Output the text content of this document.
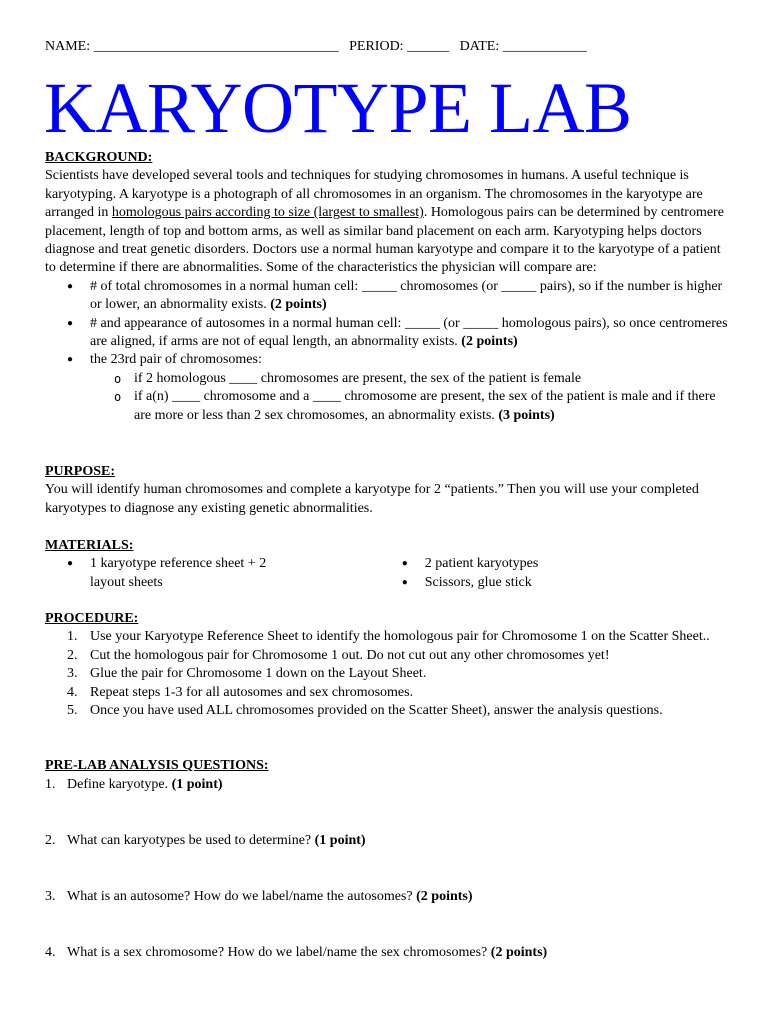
NAME: ___________________________________ PERIOD: ______ DATE: ____________
KARYOTYPE LAB
BACKGROUND:

Scientists have developed several tools and techniques for studying chromosomes in humans. A useful technique is karyotyping. A karyotype is a photograph of all chromosomes in an organism. The chromosomes in the karyotype are arranged in homologous pairs according to size (largest to smallest). Homologous pairs can be determined by centromere placement, length of top and bottom arms, as well as similar band placement on each arm. Karyotyping helps doctors diagnose and treat genetic disorders. Doctors use a normal human karyotype and compare it to the karyotype of a patient to determine if there are abnormalities. Some of the characteristics the physician will compare are:

● # of total chromosomes in a normal human cell: _____ chromosomes (or _____ pairs), so if the number is higher or lower, an abnormality exists. (2 points)
● # and appearance of autosomes in a normal human cell: _____ (or _____ homologous pairs), so once centromeres are aligned, if arms are not of equal length, an abnormality exists. (2 points)
● the 23rd pair of chromosomes:
o if 2 homologous ____ chromosomes are present, the sex of the patient is female
o if a(n) ____ chromosome and a ____ chromosome are present, the sex of the patient is male and if there are more or less than 2 sex chromosomes, an abnormality exists. (3 points)
PURPOSE:

You will identify human chromosomes and complete a karyotype for 2 “patients.” Then you will use your completed karyotypes to diagnose any existing genetic abnormalities.

MATERIALS:
● 1 karyotype reference sheet + 2 layout sheets
● 2 patient karyotypes
● Scissors, glue stick
PROCEDURE:
1. Use your Karyotype Reference Sheet to identify the homologous pair for Chromosome 1 on the Scatter Sheet..
2. Cut the homologous pair for Chromosome 1 out. Do not cut out any other chromosomes yet!
3. Glue the pair for Chromosome 1 down on the Layout Sheet.
4. Repeat steps 1-3 for all autosomes and sex chromosomes.
5. Once you have used ALL chromosomes provided on the Scatter Sheet), answer the analysis questions.
PRE-LAB ANALYSIS QUESTIONS:
1. Define karyotype. (1 point)
2. What can karyotypes be used to determine? (1 point)
3. What is an autosome? How do we label/name the autosomes? (2 points)
4. What is a sex chromosome? How do we label/name the sex chromosomes? (2 points)
